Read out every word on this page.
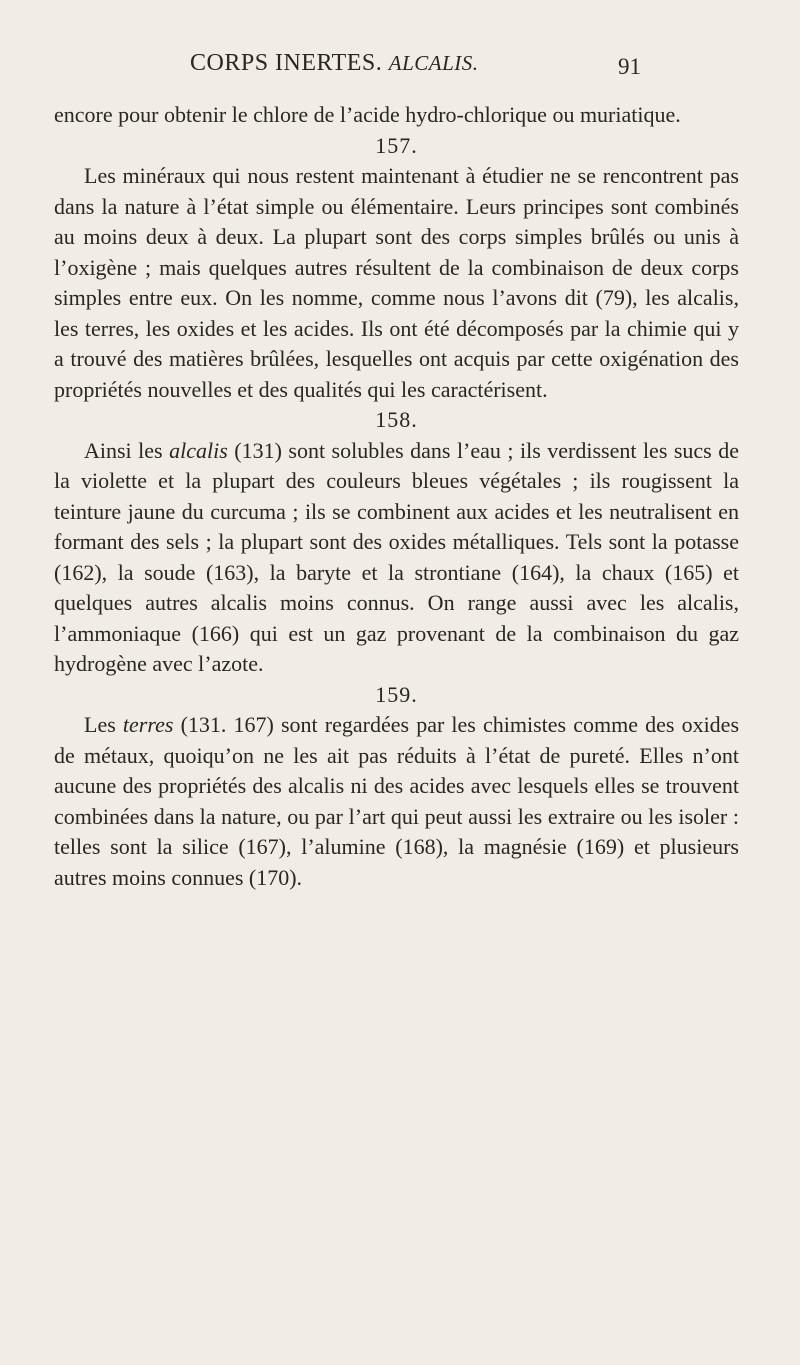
CORPS INERTES. ALCALIS.	91

encore pour obtenir le chlore de l’acide hydro-chlorique ou muriatique.

157.

Les minéraux qui nous restent maintenant à étudier ne se rencontrent pas dans la nature à l’état simple ou élémentaire. Leurs principes sont combinés au moins deux à deux. La plupart sont des corps simples brûlés ou unis à l’oxigène ; mais quelques autres résultent de la combinaison de deux corps simples entre eux. On les nomme, comme nous l’avons dit (79), les alcalis, les terres, les oxides et les acides. Ils ont été décomposés par la chimie qui y a trouvé des matières brûlées, lesquelles ont acquis par cette oxigénation des propriétés nouvelles et des qualités qui les caractérisent.

158.

Ainsi les alcalis (131) sont solubles dans l’eau ; ils verdissent les sucs de la violette et la plupart des couleurs bleues végétales ; ils rougissent la teinture jaune du curcuma ; ils se combinent aux acides et les neutralisent en formant des sels ; la plupart sont des oxides métalliques. Tels sont la potasse (162), la soude (163), la baryte et la strontiane (164), la chaux (165) et quelques autres alcalis moins connus. On range aussi avec les alcalis, l’ammoniaque (166) qui est un gaz provenant de la combinaison du gaz hydrogène avec l’azote.

159.

Les terres (131. 167) sont regardées par les chimistes comme des oxides de métaux, quoiqu’on ne les ait pas réduits à l’état de pureté. Elles n’ont aucune des propriétés des alcalis ni des acides avec lesquels elles se trouvent combinées dans la nature, ou par l’art qui peut aussi les extraire ou les isoler : telles sont la silice (167), l’alumine (168), la magnésie (169) et plusieurs autres moins connues (170).
